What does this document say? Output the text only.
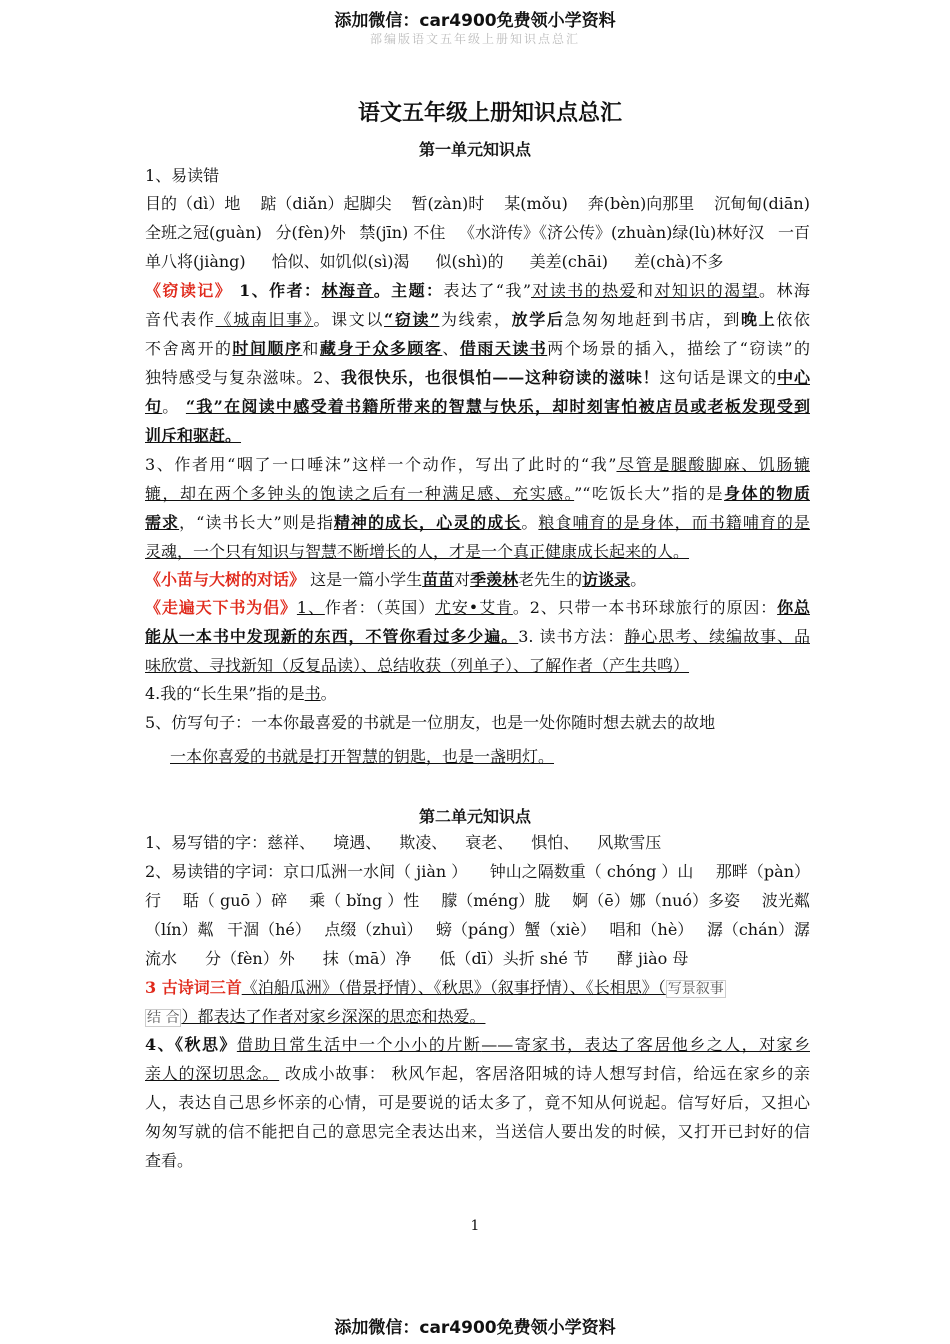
添加微信：car4900免费领小学资料
部编版语文五年级上册知识点总汇
语文五年级上册知识点总汇
第一单元知识点
1、易读错
目的（dì）地 踮（diǎn）起脚尖 暂(zàn)时 某(mǒu) 奔(bèn)向那里 沉甸甸(diān)
全班之冠(guàn) 分(fèn)外 禁(jīn) 不住 《水浒传》《济公传》(zhuàn)绿(lù)林好汉 一百
单八将(jiàng) 恰似、如饥似(sì)渴 似(shì)的 美差(chāi) 差(chà)不多
《窃读记》 1、作者：林海音。主题：表达了“我”对读书的热爱和对知识的渴望。林海
音代表作《城南旧事》。课文以“窃读”为线索，放学后急匆匆地赶到书店，到晚上依依
不舍离开的时间顺序和藏身于众多顾客、借雨天读书两个场景的插入，描绘了“窃读”的
独特感受与复杂滋味。2、我很快乐，也很惧怕——这种窃读的滋味！这句话是课文的中心
句。 “我”在阅读中感受着书籍所带来的智慧与快乐，却时刻害怕被店员或老板发现受到
训斥和驱赶。
3、作者用“咽了一口唾沫”这样一个动作，写出了此时的“我”尽管是腿酸脚麻、饥肠辘
辘，却在两个多钟头的饱读之后有一种满足感、充实感。”“吃饭长大”指的是身体的物质
需求，“读书长大”则是指精神的成长，心灵的成长。粮食哺育的是身体，而书籍哺育的是
灵魂，一个只有知识与智慧不断增长的人，才是一个真正健康成长起来的人。
《小苗与大树的对话》 这是一篇小学生苗苗对季羡林老先生的访谈录。
《走遍天下书为侣》1、作者：（英国）尤安•艾肯。2、只带一本书环球旅行的原因：你总
能从一本书中发现新的东西，不管你看过多少遍。3. 读书方法：静心思考、续编故事、品
味欣赏、寻找新知（反复品读）、总结收获（列单子）、了解作者（产生共鸣）
4.我的“长生果”指的是书。
5、仿写句子：一本你最喜爱的书就是一位朋友，也是一处你随时想去就去的故地
一本你喜爱的书就是打开智慧的钥匙，也是一盏明灯。
第二单元知识点
1、易写错的字：慈祥、 境遇、 欺凌、 衰老、 惧怕、 风欺雪压
2、易读错的字词：京口瓜洲一水间（ jiàn ） 钟山之隔数重（ chóng ）山 那畔（pàn）
行 聒（ guō ）碎 乘（ bǐng ）性 朦（méng）胧 婀（ē）娜（nuó）多姿 波光粼
（lín）粼 干涸（hé） 点缀（zhuì） 螃（páng）蟹（xiè） 唱和（hè） 潺（chán）潺
流水 分（fèn）外 抹（mā）净 低（dī）头折 shé 节 酵 jiào 母
3 古诗词三首《泊船瓜洲》（借景抒情）、《秋思》（叙事抒情）、《长相思》（ 写景叙事
结 合 ）都表达了作者对家乡深深的思恋和热爱。
4、《秋思》借助日常生活中一个小小的片断——寄家书，表达了客居他乡之人，对家乡
亲人的深切思念。 改成小故事： 秋风乍起，客居洛阳城的诗人想写封信，给远在家乡的亲
人，表达自己思乡怀亲的心情，可是要说的话太多了，竟不知从何说起。信写好后，又担心
匆匆写就的信不能把自己的意思完全表达出来，当送信人要出发的时候，又打开已封好的信
查看。
1
添加微信：car4900免费领小学资料
